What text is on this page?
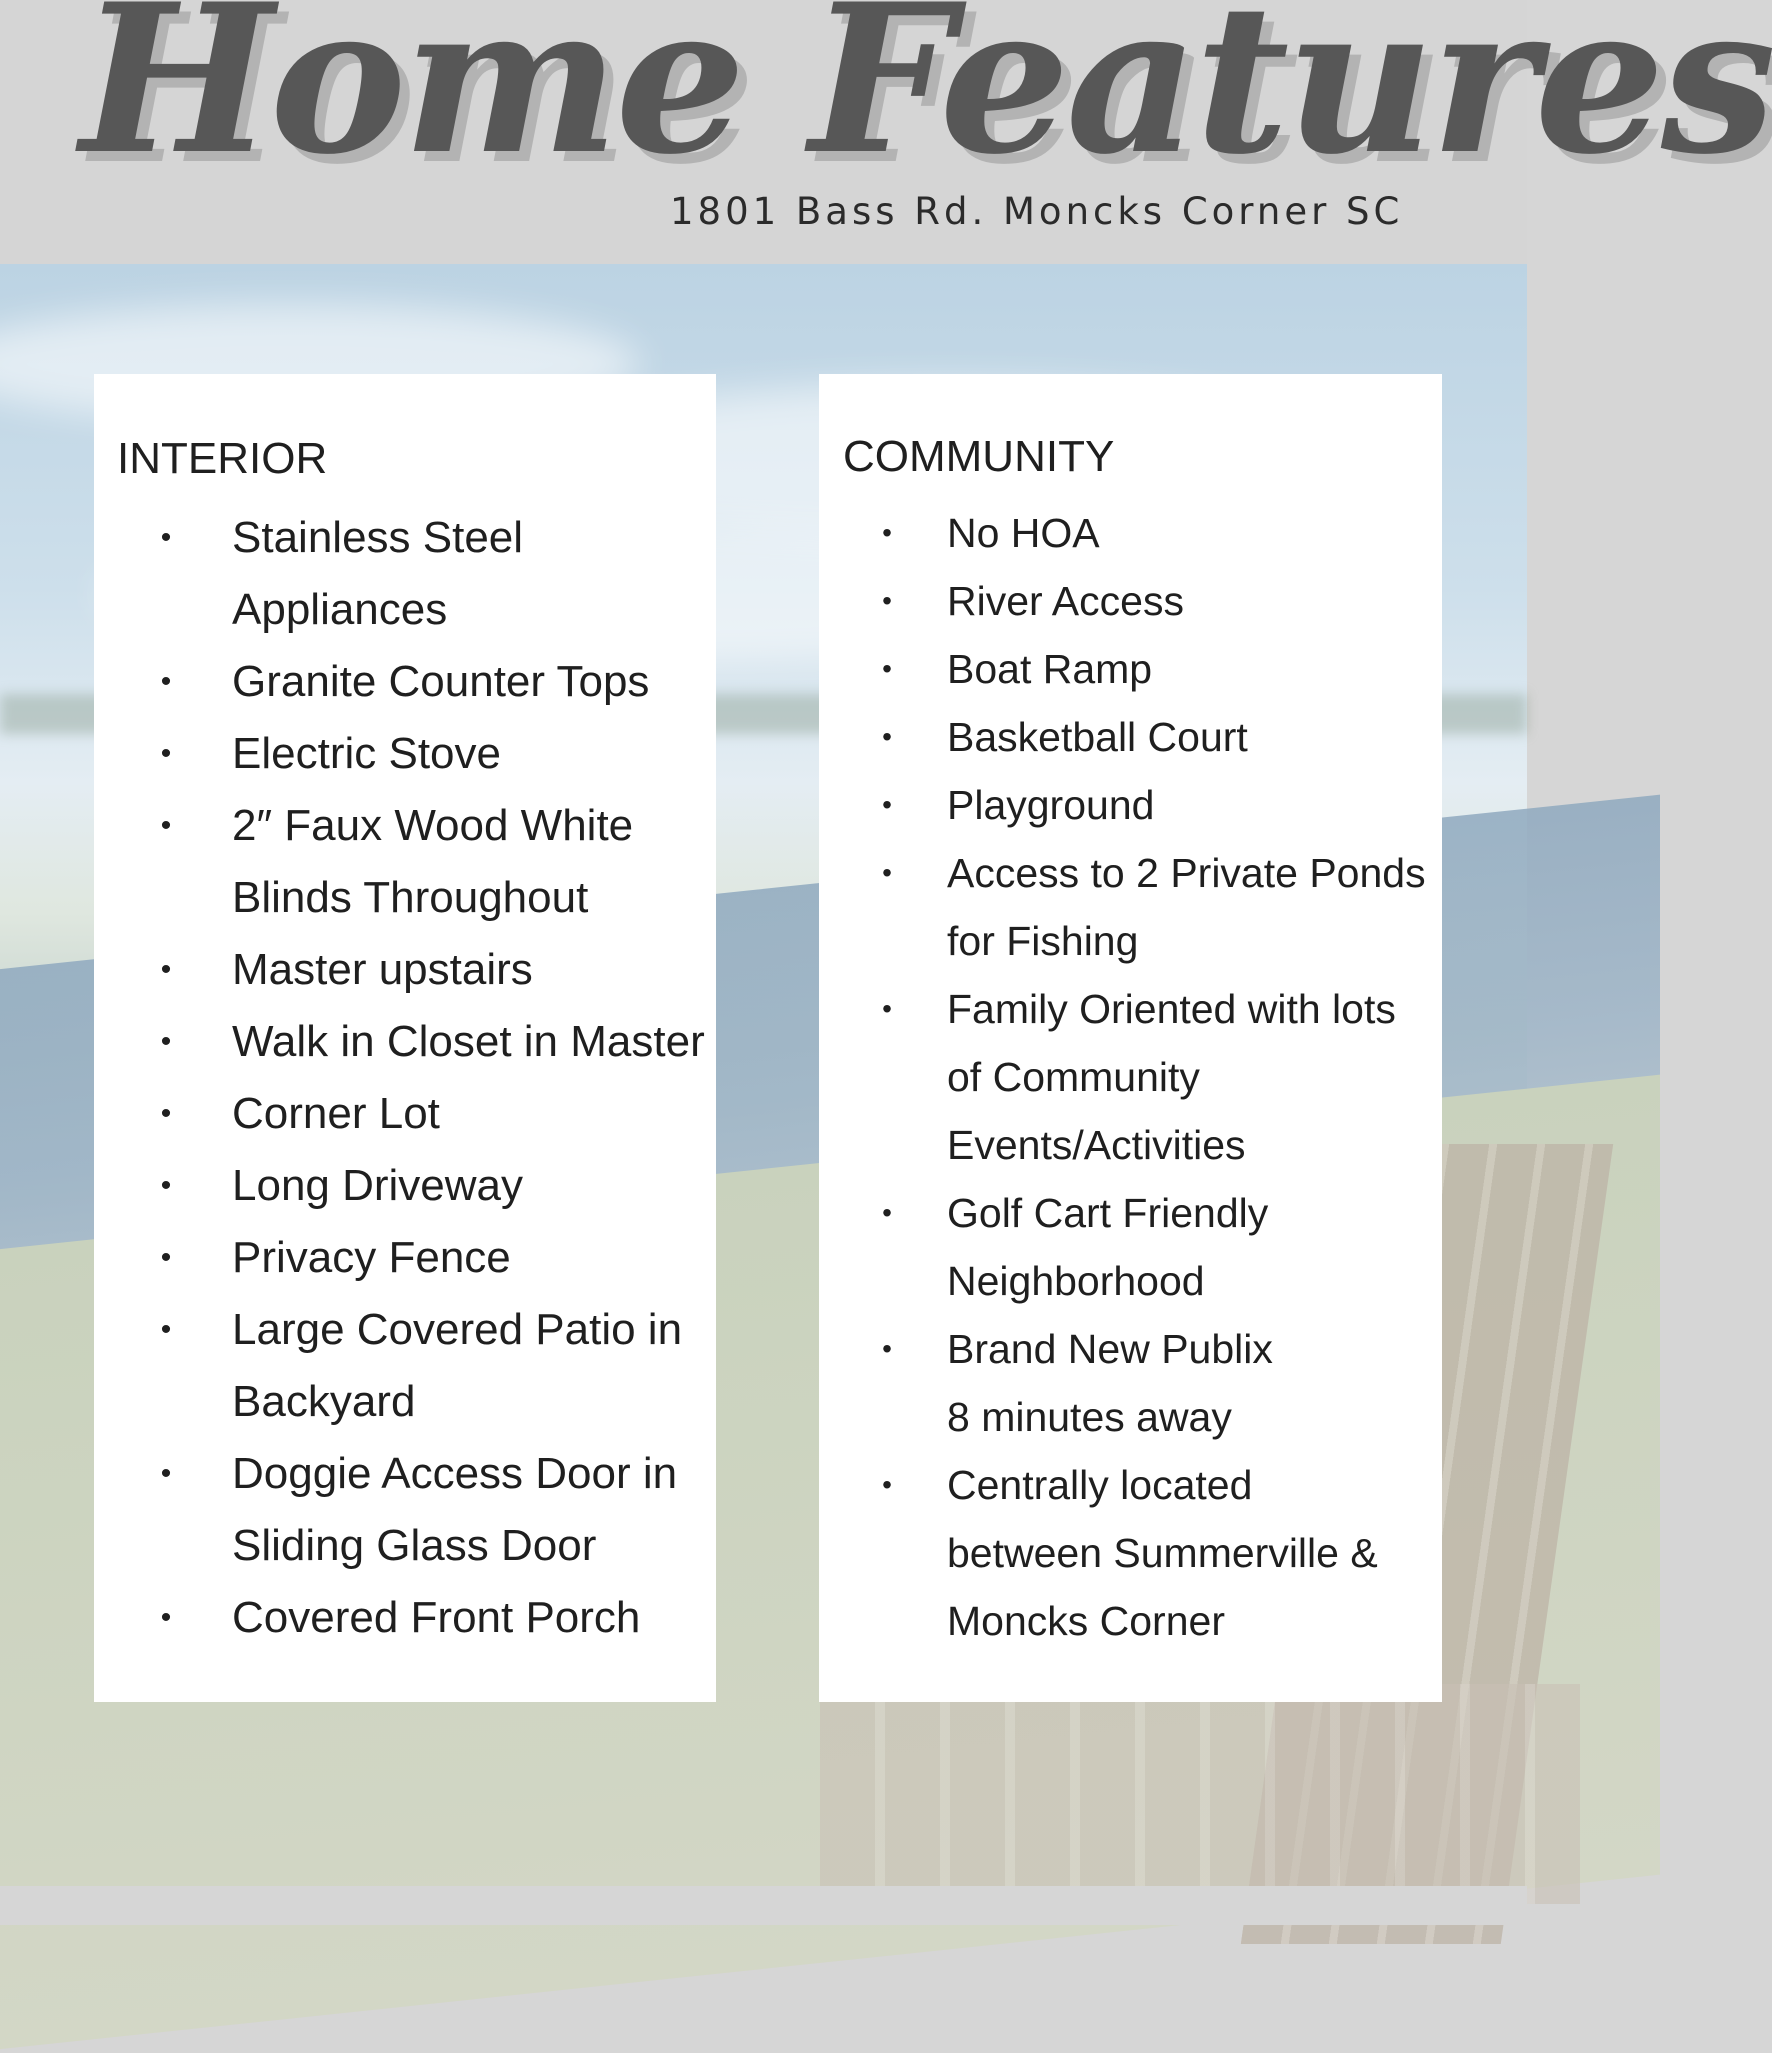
Home Features
1801 Bass Rd. Moncks Corner SC
INTERIOR
• Stainless Steel
Appliances
• Granite Counter Tops
• Electric Stove
• 2″ Faux Wood White
Blinds Throughout
• Master upstairs
• Walk in Closet in Master
• Corner Lot
• Long Driveway
• Privacy Fence
• Large Covered Patio in
Backyard
• Doggie Access Door in
Sliding Glass Door
• Covered Front Porch
COMMUNITY
• No HOA
• River Access
• Boat Ramp
• Basketball Court
• Playground
• Access to 2 Private Ponds
for Fishing
• Family Oriented with lots
of Community
Events/Activities
• Golf Cart Friendly
Neighborhood
• Brand New Publix
8 minutes away
• Centrally located
between Summerville &
Moncks Corner
